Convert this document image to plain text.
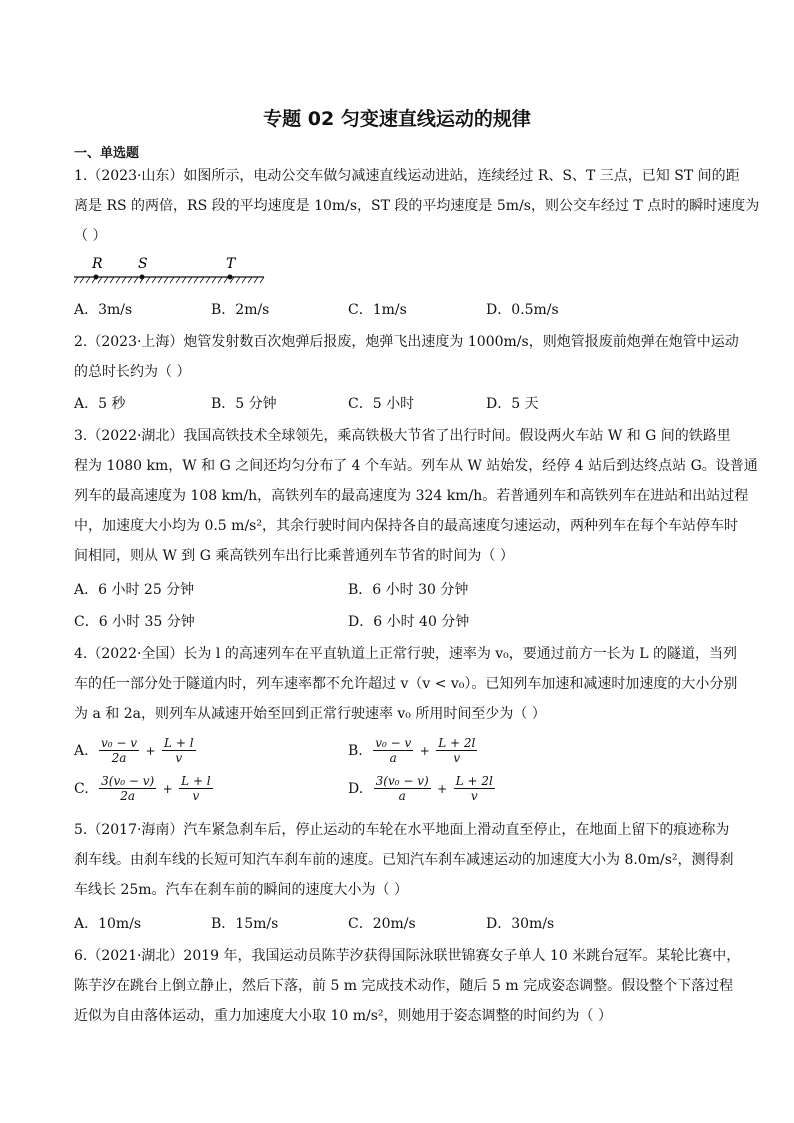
专题 02 匀变速直线运动的规律
一、单选题
1.（2023·山东）如图所示，电动公交车做匀减速直线运动进站，连续经过 R、S、T 三点，已知 ST 间的距
离是 RS 的两倍，RS 段的平均速度是 10m/s，ST 段的平均速度是 5m/s，则公交车经过 T 点时的瞬时速度为
（ ）
R	S	T
A．3m/s	B．2m/s	C．1m/s	D．0.5m/s
2.（2023·上海）炮管发射数百次炮弹后报废，炮弹飞出速度为 1000m/s，则炮管报废前炮弹在炮管中运动
的总时长约为（ ）
A．5 秒	B．5 分钟	C．5 小时	D．5 天
3.（2022·湖北）我国高铁技术全球领先，乘高铁极大节省了出行时间。假设两火车站 W 和 G 间的铁路里
程为 1080 km，W 和 G 之间还均匀分布了 4 个车站。列车从 W 站始发，经停 4 站后到达终点站 G。设普通
列车的最高速度为 108 km/h，高铁列车的最高速度为 324 km/h。若普通列车和高铁列车在进站和出站过程
中，加速度大小均为 0.5 m/s²，其余行驶时间内保持各自的最高速度匀速运动，两种列车在每个车站停车时
间相同，则从 W 到 G 乘高铁列车出行比乘普通列车节省的时间为（ ）
A．6 小时 25 分钟	B．6 小时 30 分钟
C．6 小时 35 分钟	D．6 小时 40 分钟
4.（2022·全国）长为 l 的高速列车在平直轨道上正常行驶，速率为 v₀，要通过前方一长为 L 的隧道，当列
车的任一部分处于隧道内时，列车速率都不允许超过 v（v < v₀）。已知列车加速和减速时加速度的大小分别
为 a 和 2a，则列车从减速开始至回到正常行驶速率 v₀ 所用时间至少为（ ）
A. $\frac{\text{v₀ − v}}{2a} + \frac{L + l}{v}$	B. $\frac{\text{v₀ − v}}{a} + \frac{L + 2l}{v}$
C. $\frac{\text{3(v₀ − v)}}{2a} + \frac{L + l}{v}$	D. $\frac{\text{3(v₀ − v)}}{a} + \frac{L + 2l}{v}$
5.（2017·海南）汽车紧急刹车后，停止运动的车轮在水平地面上滑动直至停止，在地面上留下的痕迹称为
刹车线。由刹车线的长短可知汽车刹车前的速度。已知汽车刹车减速运动的加速度大小为 8.0m/s²，测得刹
车线长 25m。汽车在刹车前的瞬间的速度大小为（ ）
A．10m/s	B．15m/s	C．20m/s	D．30m/s
6.（2021·湖北）2019 年，我国运动员陈芋汐获得国际泳联世锦赛女子单人 10 米跳台冠军。某轮比赛中，
陈芋汐在跳台上倒立静止，然后下落，前 5 m 完成技术动作，随后 5 m 完成姿态调整。假设整个下落过程
近似为自由落体运动，重力加速度大小取 10 m/s²，则她用于姿态调整的时间约为（ ）
